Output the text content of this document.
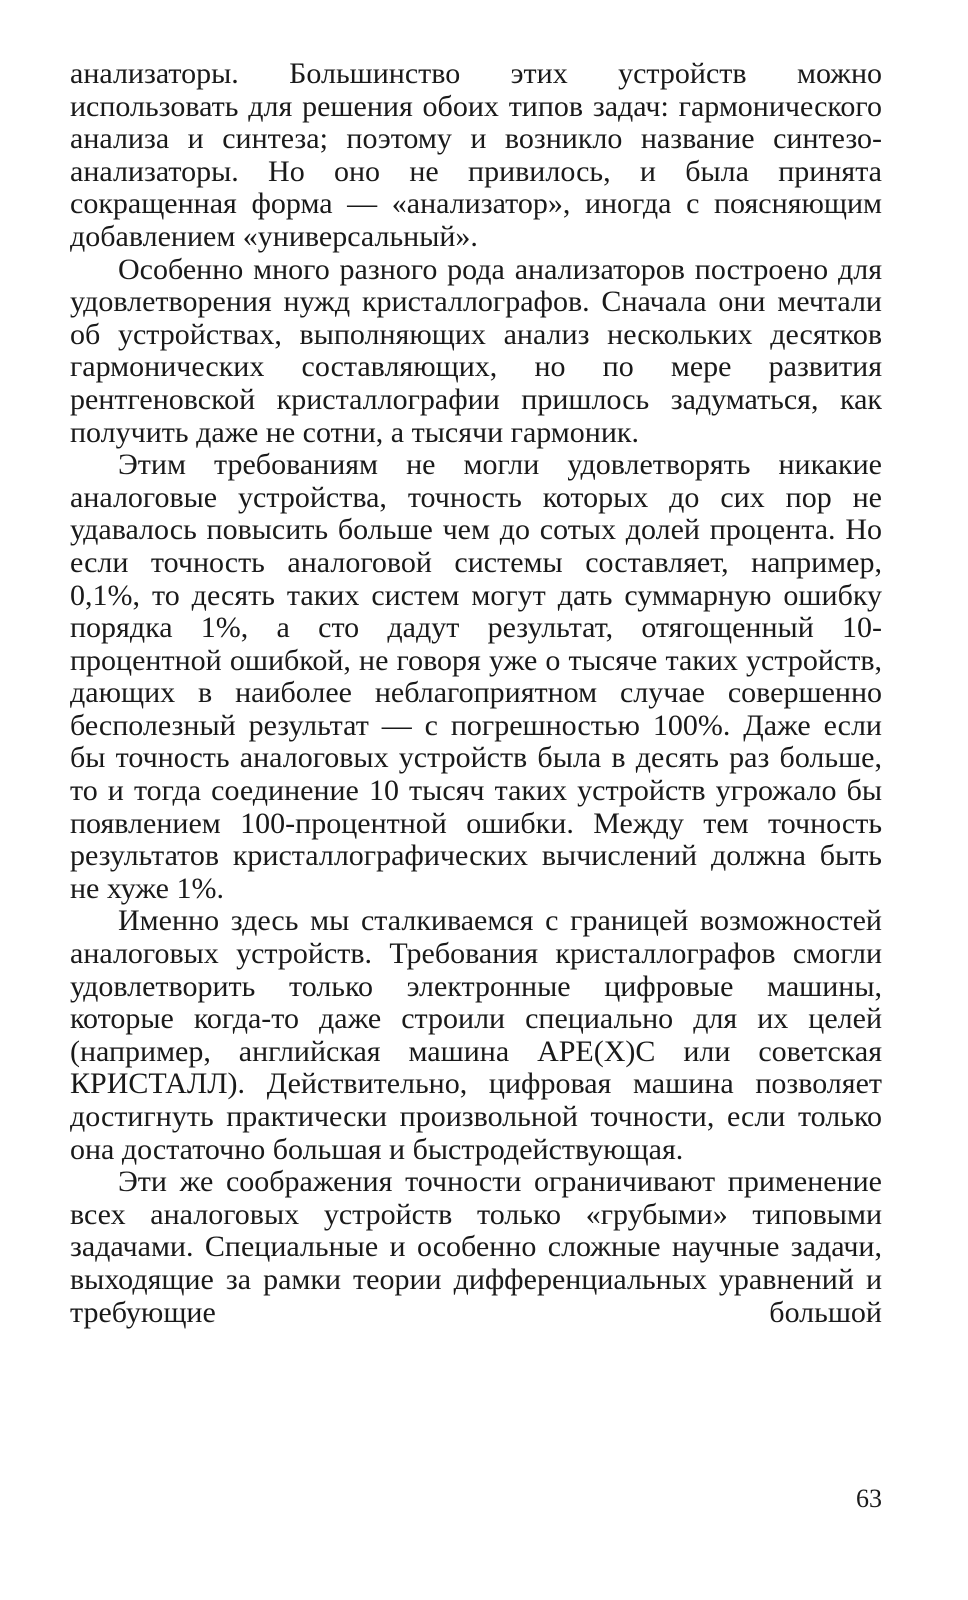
анализаторы. Большинство этих устройств можно использовать для решения обоих типов задач: гармонического анализа и синтеза; поэтому и возникло название синтезо-анализаторы. Но оно не привилось, и была принята сокращенная форма — «анализатор», иногда с поясняющим добавлением «универсальный».

Особенно много разного рода анализаторов построено для удовлетворения нужд кристаллографов. Сначала они мечтали об устройствах, выполняющих анализ нескольких десятков гармонических составляющих, но по мере развития рентгеновской кристаллографии пришлось задуматься, как получить даже не сотни, а тысячи гармоник.

Этим требованиям не могли удовлетворять никакие аналоговые устройства, точность которых до сих пор не удавалось повысить больше чем до сотых долей процента. Но если точность аналоговой системы составляет, например, 0,1%, то десять таких систем могут дать суммарную ошибку порядка 1%, а сто дадут результат, отягощенный 10-процентной ошибкой, не говоря уже о тысяче таких устройств, дающих в наиболее неблагоприятном случае совершенно бесполезный результат — с погрешностью 100%. Даже если бы точность аналоговых устройств была в десять раз больше, то и тогда соединение 10 тысяч таких устройств угрожало бы появлением 100-процентной ошибки. Между тем точность результатов кристаллографических вычислений должна быть не хуже 1%.

Именно здесь мы сталкиваемся с границей возможностей аналоговых устройств. Требования кристаллографов смогли удовлетворить только электронные цифровые машины, которые когда-то даже строили специально для их целей (например, английская машина APE(X)C или советская КРИСТАЛЛ). Действительно, цифровая машина позволяет достигнуть практически произвольной точности, если только она достаточно большая и быстродействующая.

Эти же соображения точности ограничивают применение всех аналоговых устройств только «грубыми» типовыми задачами. Специальные и особенно сложные научные задачи, выходящие за рамки теории дифференциальных уравнений и требующие большой

63
